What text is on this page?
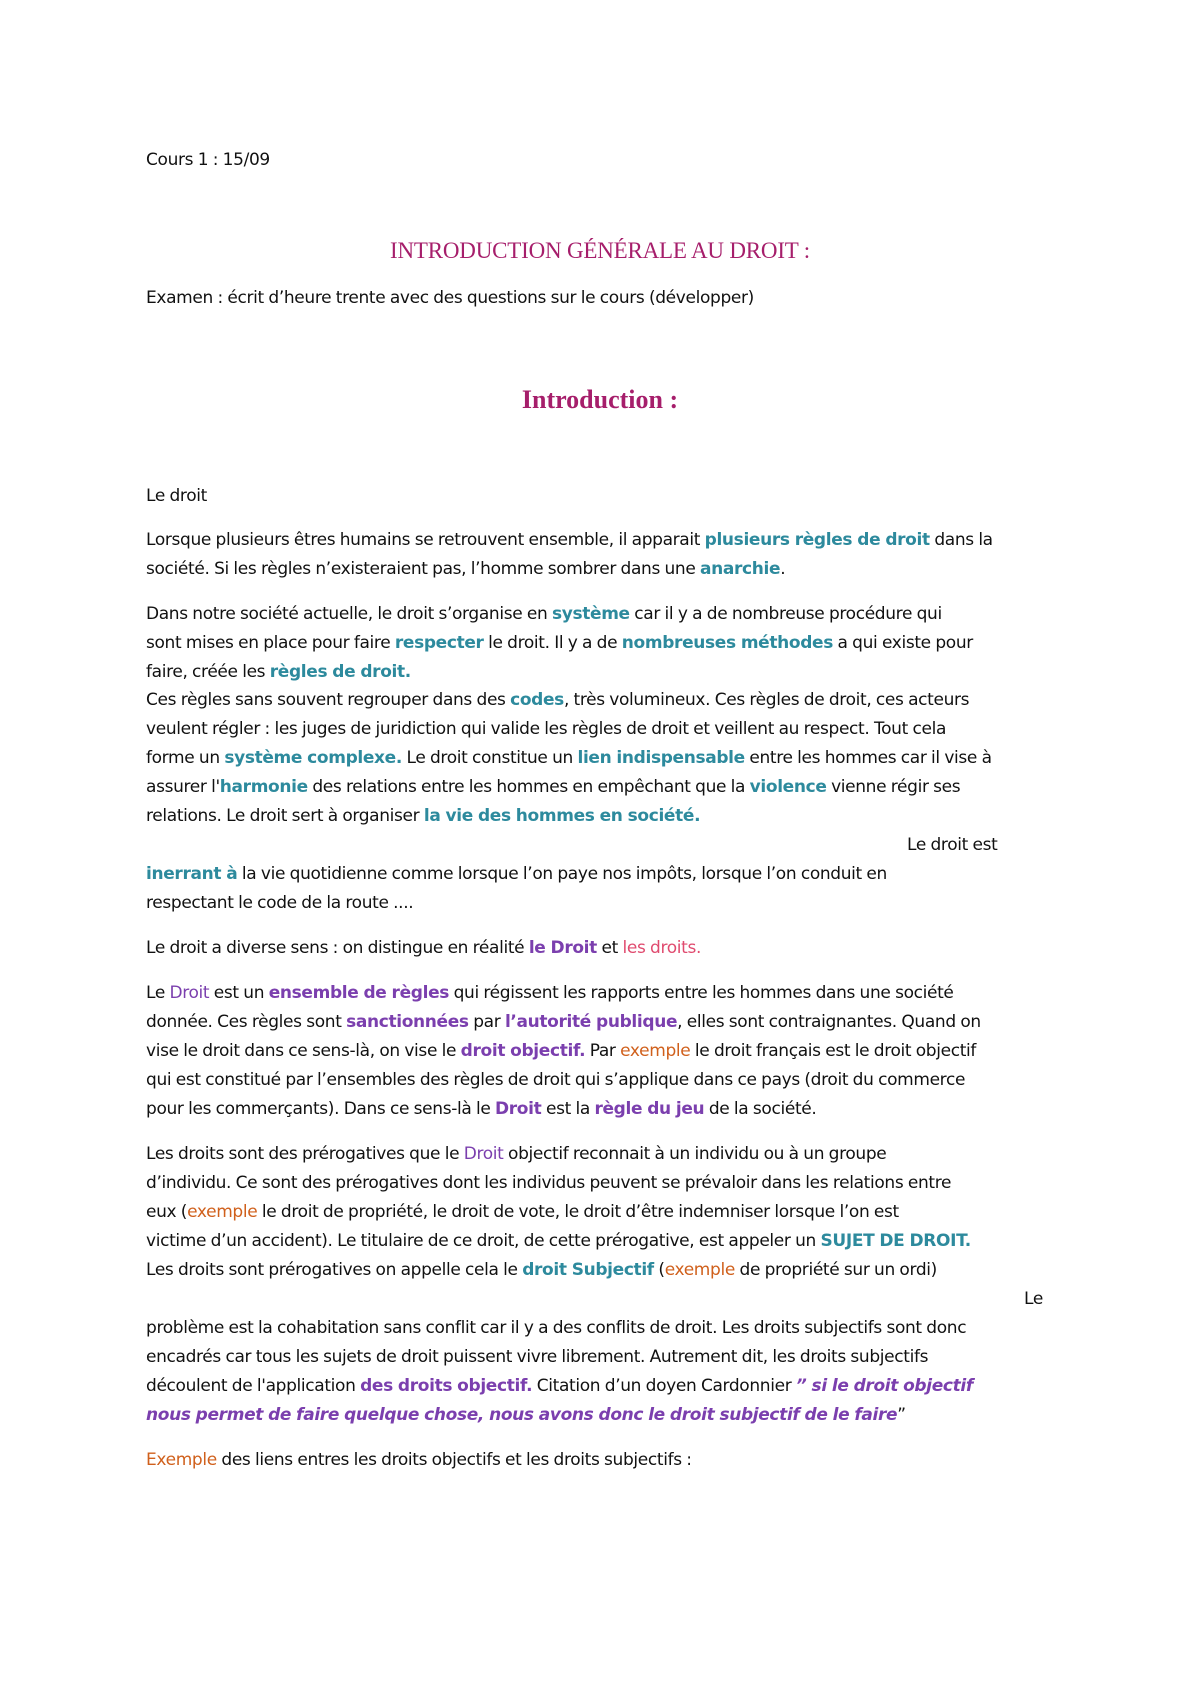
Cours 1 : 15/09
INTRODUCTION GÉNÉRALE AU DROIT :
Examen : écrit d’heure trente avec des questions sur le cours (développer)
Introduction :
Le droit
Lorsque plusieurs êtres humains se retrouvent ensemble, il apparait plusieurs règles de droit dans la
société. Si les règles n’existeraient pas, l’homme sombrer dans une anarchie.
Dans notre société actuelle, le droit s’organise en système car il y a de nombreuse procédure qui
sont mises en place pour faire respecter le droit. Il y a de nombreuses méthodes a qui existe pour
faire, créée les règles de droit.
Ces règles sans souvent regrouper dans des codes, très volumineux. Ces règles de droit, ces acteurs
veulent régler : les juges de juridiction qui valide les règles de droit et veillent au respect. Tout cela
forme un système complexe. Le droit constitue un lien indispensable entre les hommes car il vise à
assurer l'harmonie des relations entre les hommes en empêchant que la violence vienne régir ses
relations. Le droit sert à organiser la vie des hommes en société.
Le droit est
inerrant à la vie quotidienne comme lorsque l’on paye nos impôts, lorsque l’on conduit en
respectant le code de la route ....
Le droit a diverse sens : on distingue en réalité le Droit et les droits.
Le Droit est un ensemble de règles qui régissent les rapports entre les hommes dans une société
donnée. Ces règles sont sanctionnées par l’autorité publique, elles sont contraignantes. Quand on
vise le droit dans ce sens-là, on vise le droit objectif. Par exemple le droit français est le droit objectif
qui est constitué par l’ensembles des règles de droit qui s’applique dans ce pays (droit du commerce
pour les commerçants). Dans ce sens-là le Droit est la règle du jeu de la société.
Les droits sont des prérogatives que le Droit objectif reconnait à un individu ou à un groupe
d’individu. Ce sont des prérogatives dont les individus peuvent se prévaloir dans les relations entre
eux (exemple le droit de propriété, le droit de vote, le droit d’être indemniser lorsque l’on est
victime d’un accident). Le titulaire de ce droit, de cette prérogative, est appeler un SUJET DE DROIT.
Les droits sont prérogatives on appelle cela le droit Subjectif (exemple de propriété sur un ordi)
Le
problème est la cohabitation sans conflit car il y a des conflits de droit. Les droits subjectifs sont donc
encadrés car tous les sujets de droit puissent vivre librement. Autrement dit, les droits subjectifs
découlent de l'application des droits objectif. Citation d’un doyen Cardonnier ” si le droit objectif
nous permet de faire quelque chose, nous avons donc le droit subjectif de le faire”
Exemple des liens entres les droits objectifs et les droits subjectifs :
